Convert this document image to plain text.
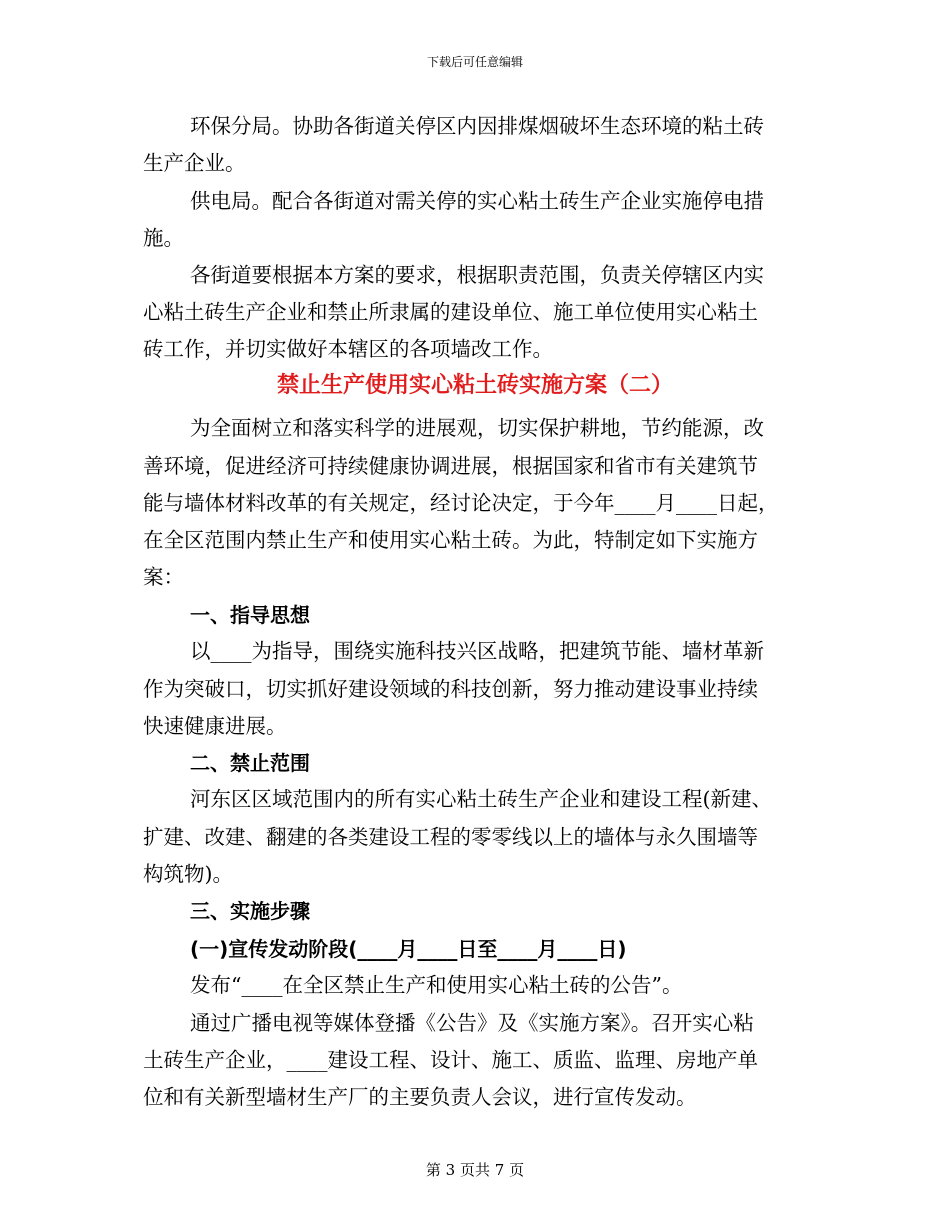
下载后可任意编辑
环保分局。协助各街道关停区内因排煤烟破坏生态环境的粘土砖
生产企业。
供电局。配合各街道对需关停的实心粘土砖生产企业实施停电措
施。
各街道要根据本方案的要求，根据职责范围，负责关停辖区内实
心粘土砖生产企业和禁止所隶属的建设单位、施工单位使用实心粘土
砖工作，并切实做好本辖区的各项墙改工作。
禁止生产使用实心粘土砖实施方案（二）
为全面树立和落实科学的进展观，切实保护耕地，节约能源，改
善环境，促进经济可持续健康协调进展，根据国家和省市有关建筑节
能与墙体材料改革的有关规定，经讨论决定，于今年____月____日起，
在全区范围内禁止生产和使用实心粘土砖。为此，特制定如下实施方
案：
一、指导思想
以____为指导，围绕实施科技兴区战略，把建筑节能、墙材革新
作为突破口，切实抓好建设领域的科技创新，努力推动建设事业持续
快速健康进展。
二、禁止范围
河东区区域范围内的所有实心粘土砖生产企业和建设工程(新建、
扩建、改建、翻建的各类建设工程的零零线以上的墙体与永久围墙等
构筑物)。
三、实施步骤
(一)宣传发动阶段(____月____日至____月____日)
发布“____在全区禁止生产和使用实心粘土砖的公告”。
通过广播电视等媒体登播《公告》及《实施方案》。召开实心粘
土砖生产企业，____建设工程、设计、施工、质监、监理、房地产单
位和有关新型墙材生产厂的主要负责人会议，进行宣传发动。
第 3 页共 7 页
